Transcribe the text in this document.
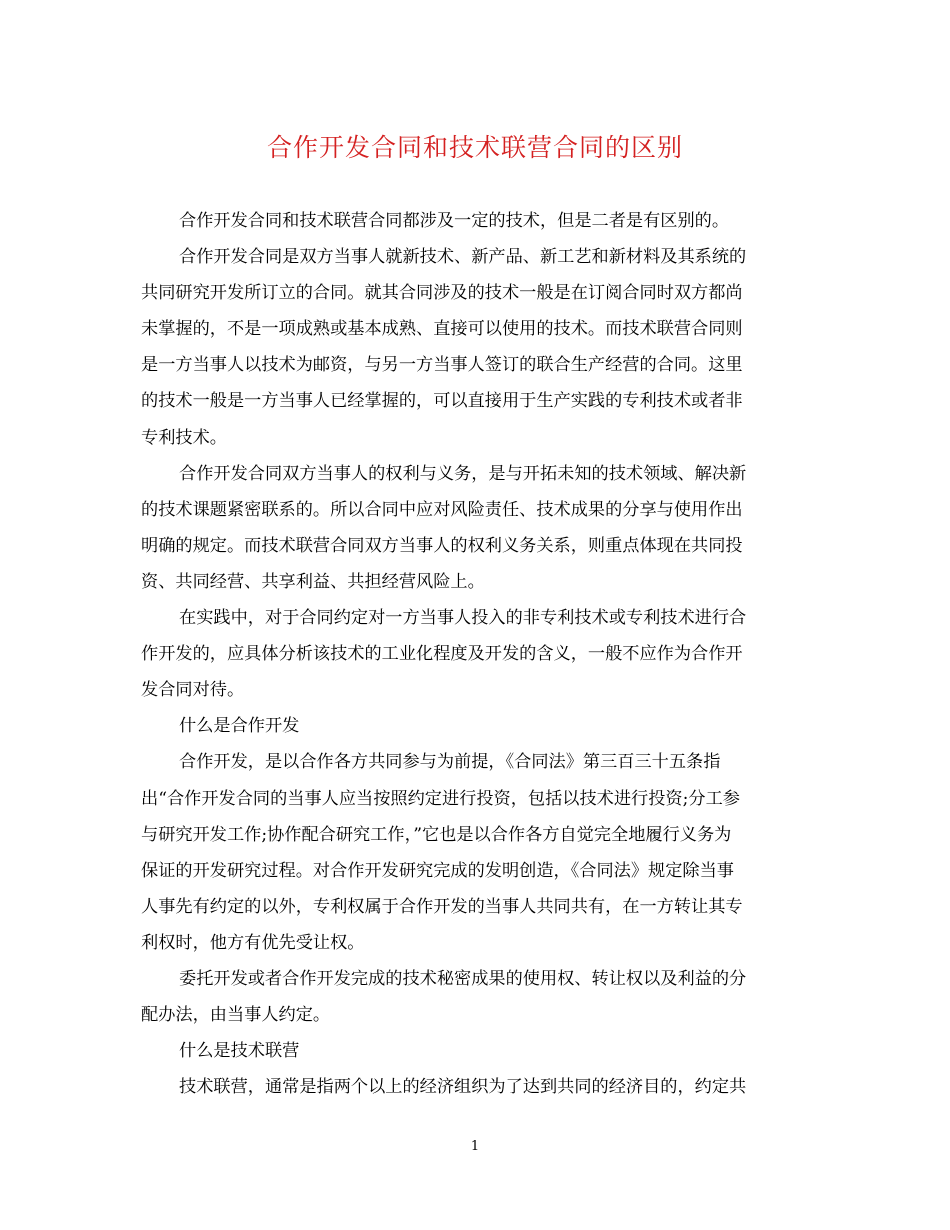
合作开发合同和技术联营合同的区别
合作开发合同和技术联营合同都涉及一定的技术，但是二者是有区别的。
合作开发合同是双方当事人就新技术、新产品、新工艺和新材料及其系统的
共同研究开发所订立的合同。就其合同涉及的技术一般是在订阅合同时双方都尚
未掌握的，不是一项成熟或基本成熟、直接可以使用的技术。而技术联营合同则
是一方当事人以技术为邮资，与另一方当事人签订的联合生产经营的合同。这里
的技术一般是一方当事人已经掌握的，可以直接用于生产实践的专利技术或者非
专利技术。
合作开发合同双方当事人的权利与义务，是与开拓未知的技术领域、解决新
的技术课题紧密联系的。所以合同中应对风险责任、技术成果的分享与使用作出
明确的规定。而技术联营合同双方当事人的权利义务关系，则重点体现在共同投
资、共同经营、共享利益、共担经营风险上。
在实践中，对于合同约定对一方当事人投入的非专利技术或专利技术进行合
作开发的，应具体分析该技术的工业化程度及开发的含义，一般不应作为合作开
发合同对待。
什么是合作开发
合作开发，是以合作各方共同参与为前提，《合同法》第三百三十五条指
出“合作开发合同的当事人应当按照约定进行投资，包括以技术进行投资;分工参
与研究开发工作;协作配合研究工作，”它也是以合作各方自觉完全地履行义务为
保证的开发研究过程。对合作开发研究完成的发明创造，《合同法》规定除当事
人事先有约定的以外，专利权属于合作开发的当事人共同共有，在一方转让其专
利权时，他方有优先受让权。
委托开发或者合作开发完成的技术秘密成果的使用权、转让权以及利益的分
配办法，由当事人约定。
什么是技术联营
技术联营，通常是指两个以上的经济组织为了达到共同的经济目的，约定共
1
